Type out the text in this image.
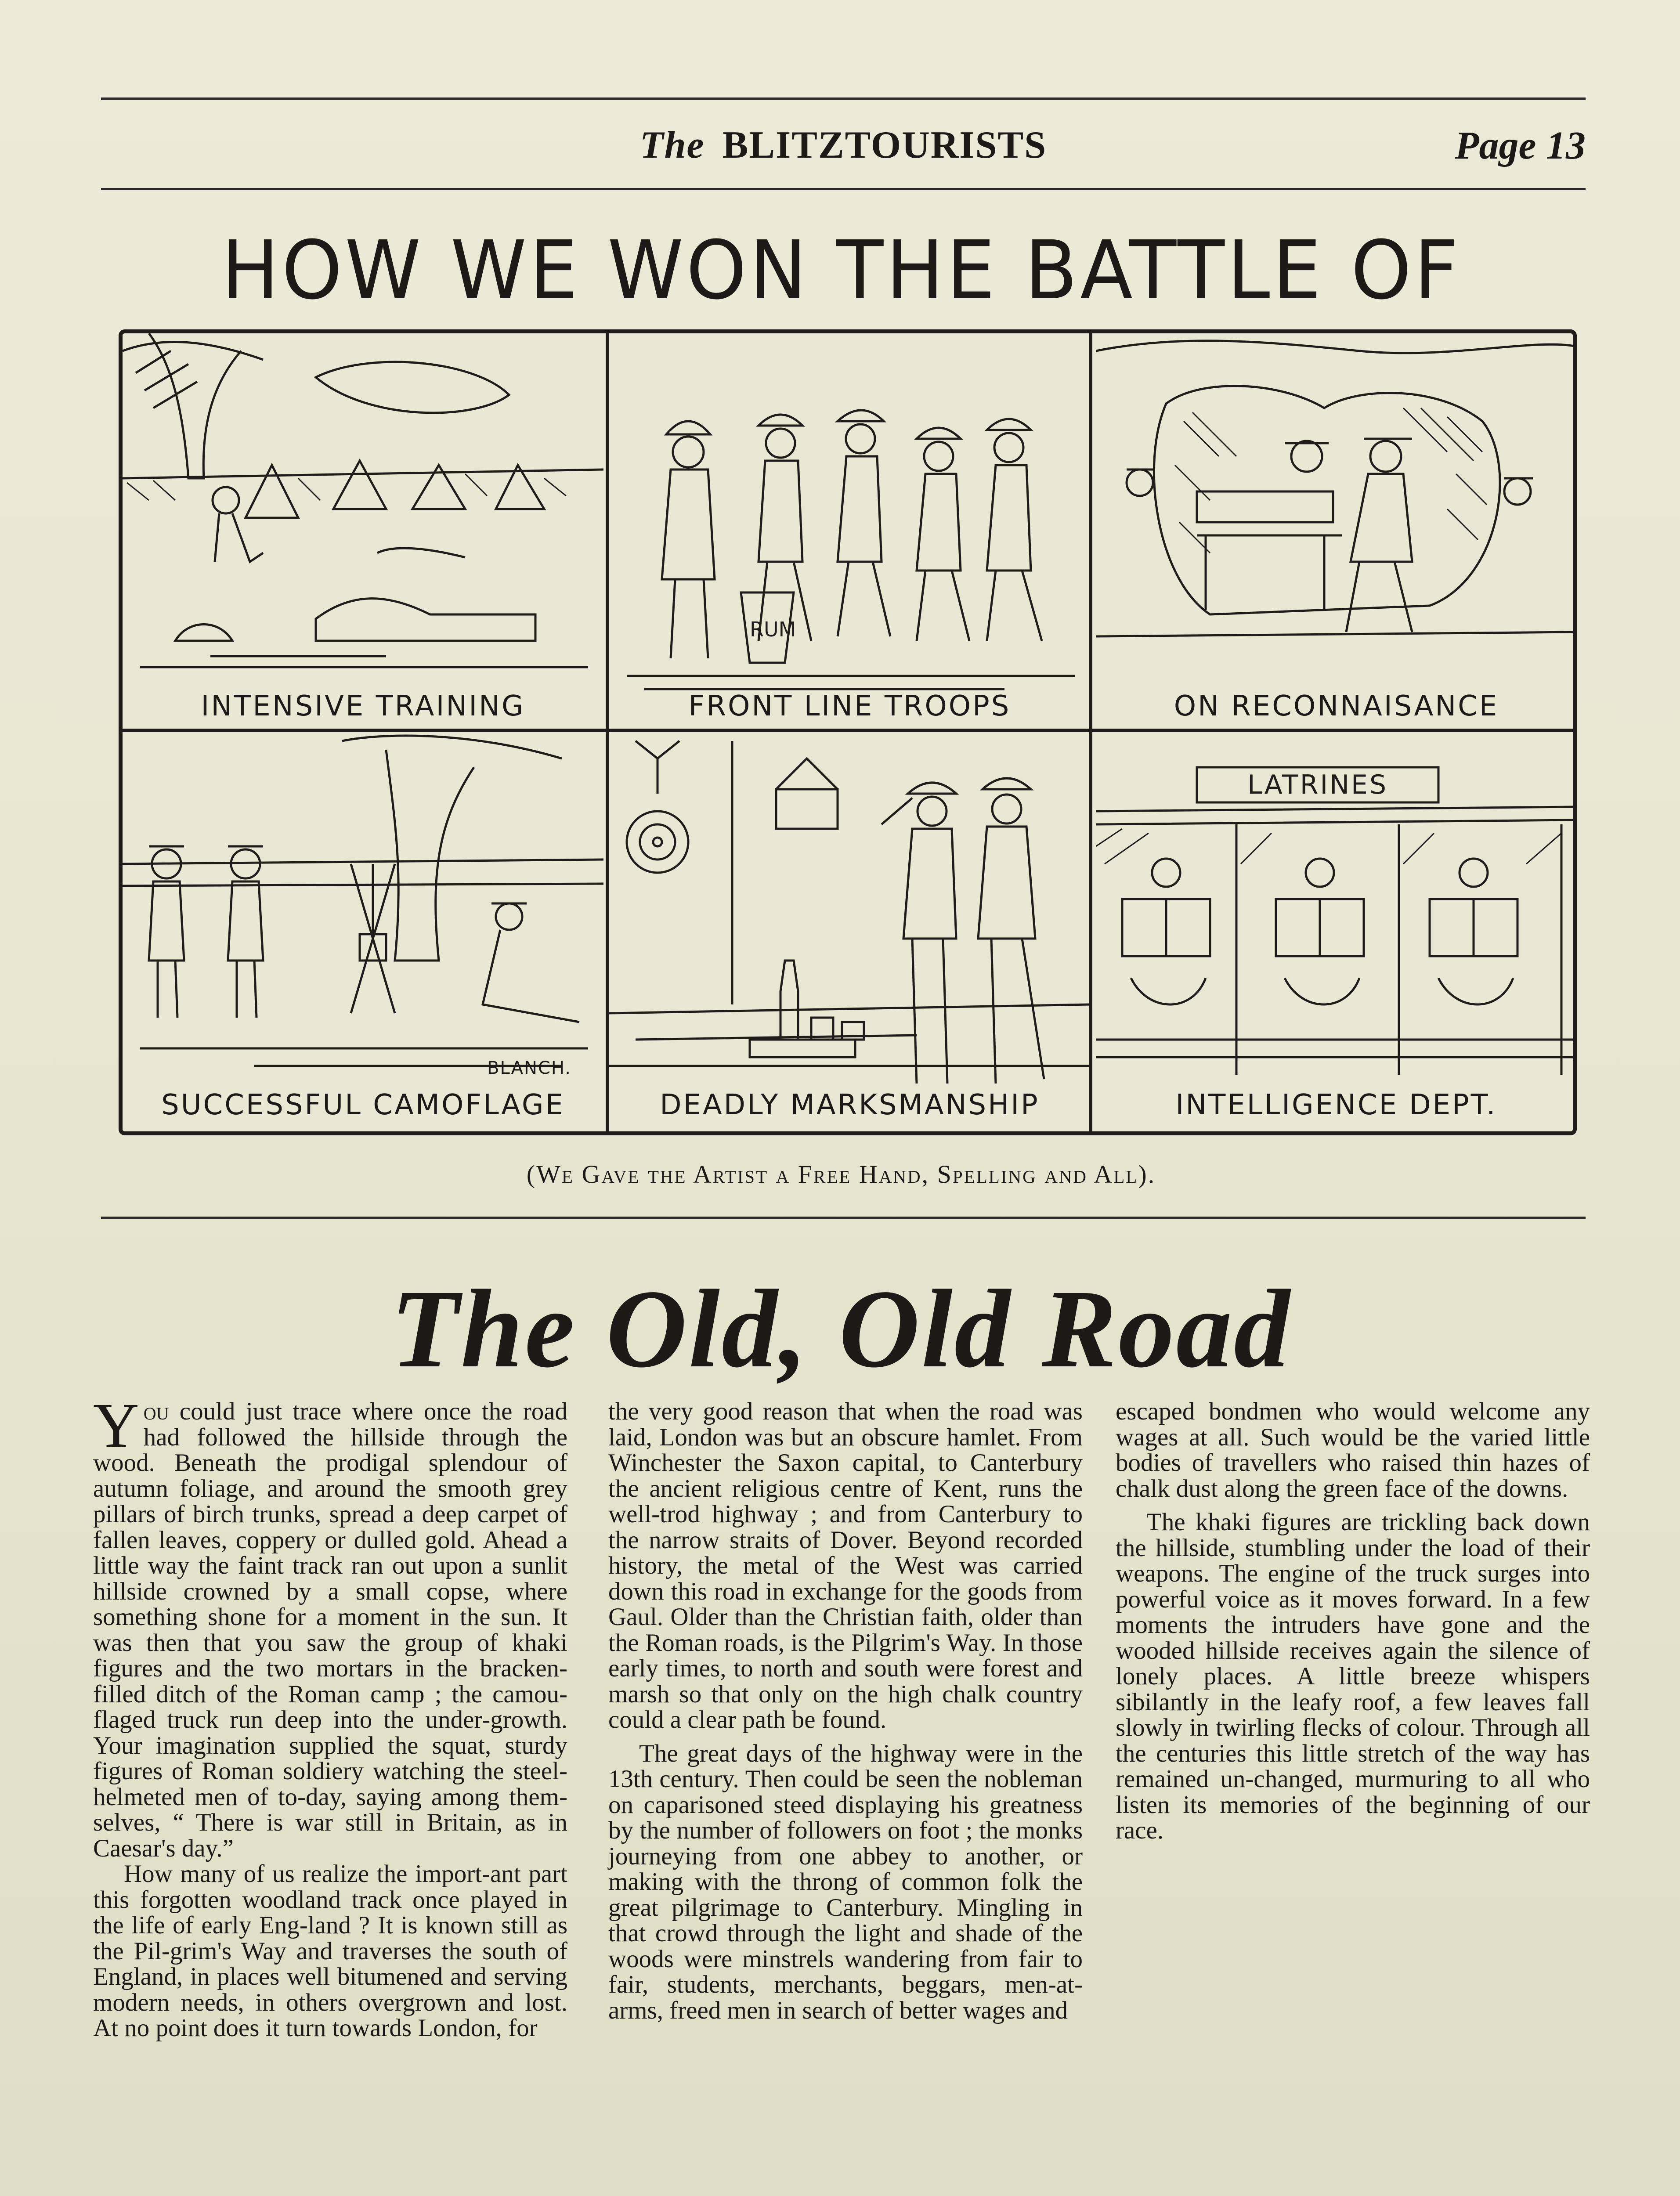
The BLITZTOURISTS	Page 13
HOW WE WON THE BATTLE OF
INTENSIVE TRAINING
RUM
FRONT LINE TROOPS	ON RECONNAISANCE
BLANCH.
SUCCESSFUL CAMOFLAGE	DEADLY MARKSMANSHIP
LATRINES
INTELLIGENCE DEPT.
(We Gave the Artist a Free Hand, Spelling and All).
The Old, Old Road

You could just trace where once the road had followed the hillside through the wood. Beneath the prodigal splendour of autumn foliage, and around the smooth grey pillars of birch trunks, spread a deep carpet of fallen leaves, coppery or dulled gold. Ahead a little way the faint track ran out upon a sunlit hillside crowned by a small copse, where something shone for a moment in the sun. It was then that you saw the group of khaki figures and the two mortars in the bracken-filled ditch of the Roman camp ; the camou-flaged truck run deep into the under-growth. Your imagination supplied the squat, sturdy figures of Roman soldiery watching the steel-helmeted men of to-day, saying among them-selves, “ There is war still in Britain, as in Caesar's day.”

How many of us realize the import-ant part this forgotten woodland track once played in the life of early Eng-land ? It is known still as the Pil-grim's Way and traverses the south of England, in places well bitumened and serving modern needs, in others overgrown and lost. At no point does it turn towards London, for

the very good reason that when the road was laid, London was but an obscure hamlet. From Winchester the Saxon capital, to Canterbury the ancient religious centre of Kent, runs the well-trod highway ; and from Canterbury to the narrow straits of Dover. Beyond recorded history, the metal of the West was carried down this road in exchange for the goods from Gaul. Older than the Christian faith, older than the Roman roads, is the Pilgrim's Way. In those early times, to north and south were forest and marsh so that only on the high chalk country could a clear path be found.

The great days of the highway were in the 13th century. Then could be seen the nobleman on caparisoned steed displaying his greatness by the number of followers on foot ; the monks journeying from one abbey to another, or making with the throng of common folk the great pilgrimage to Canterbury. Mingling in that crowd through the light and shade of the woods were minstrels wandering from fair to fair, students, merchants, beggars, men-at-arms, freed men in search of better wages and

escaped bondmen who would welcome any wages at all. Such would be the varied little bodies of travellers who raised thin hazes of chalk dust along the green face of the downs.

The khaki figures are trickling back down the hillside, stumbling under the load of their weapons. The engine of the truck surges into powerful voice as it moves forward. In a few moments the intruders have gone and the wooded hillside receives again the silence of lonely places. A little breeze whispers sibilantly in the leafy roof, a few leaves fall slowly in twirling flecks of colour. Through all the centuries this little stretch of the way has remained un-changed, murmuring to all who listen its memories of the beginning of our race.
